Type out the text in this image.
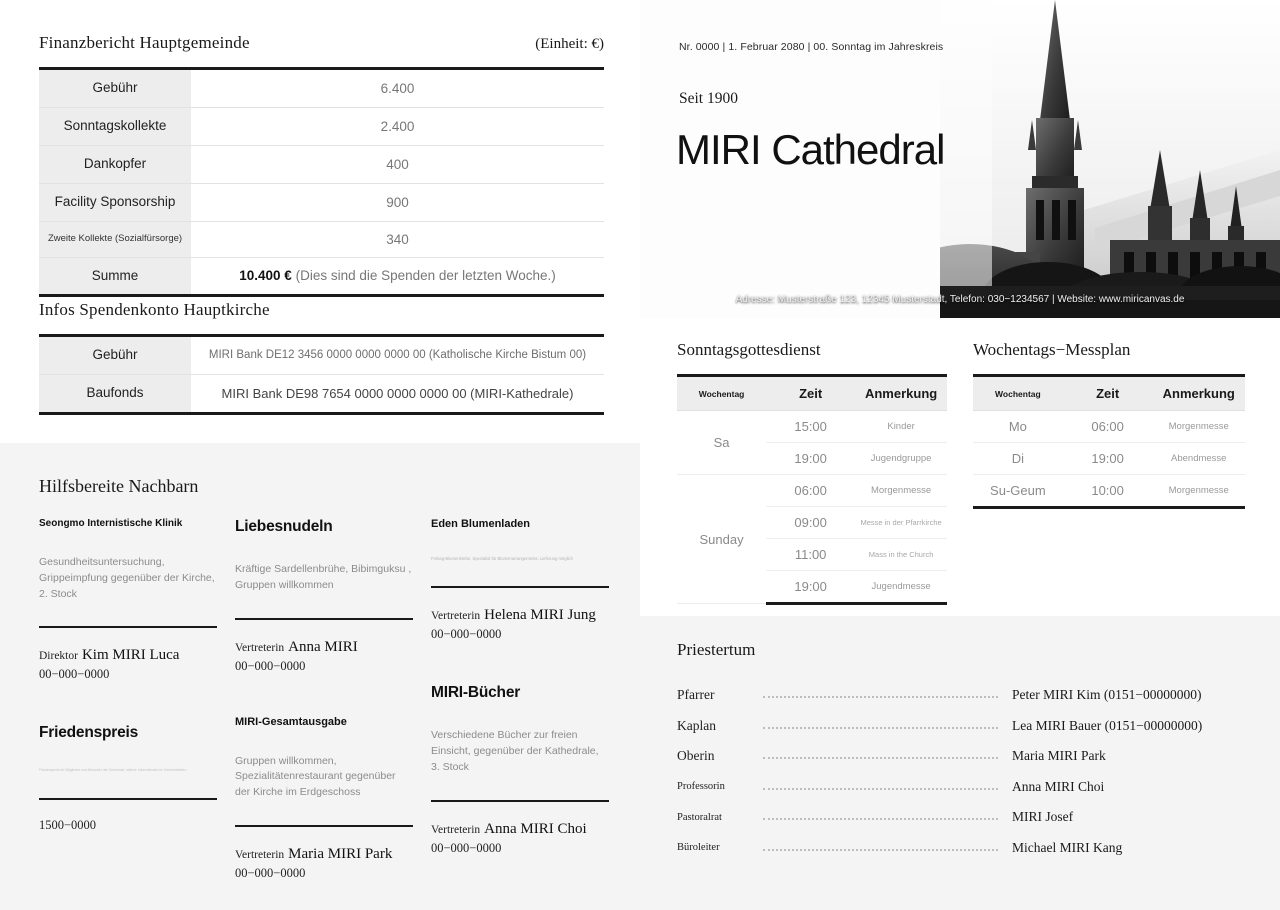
Finanzbericht Hauptgemeinde	(Einheit: €)
Gebühr	6.400
Sonntagskollekte	2.400
Dankopfer	400
Facility Sponsorship	900
Zweite Kollekte (Sozialfürsorge)	340
Summe	10.400 € (Dies sind die Spenden der letzten Woche.)
Infos Spendenkonto Hauptkirche
Gebühr	MIRI Bank DE12 3456 0000 0000 0000 00 (Katholische Kirche Bistum 00)
Baufonds	MIRI Bank DE98 7654 0000 0000 0000 00 (MIRI-Kathedrale)
Hilfsbereite Nachbarn
Seongmo Internistische Klinik
Gesundheitsuntersuchung, Grippeimpfung gegenüber der Kirche, 2. Stock
Direktor Kim MIRI Luca
00−000−0000
Friedenspreis
Friedenspreis für Mitglieder und Besucher der Gemeinde, nähere Informationen im Gemeindebüro
1500−0000
Liebesnudeln
Kräftige Sardellenbrühe, Bibimguksu , Gruppen willkommen
Vertreterin Anna MIRI
00−000−0000
MIRI-Gesamtausgabe
Gruppen willkommen, Spezialitätenrestaurant gegenüber der Kirche im Erdgeschoss
Vertreterin Maria MIRI Park
00−000−0000
Eden Blumenladen
Freitag-Blumenkörbe, Spezialist für Blumenarrangements, Lieferung möglich
Vertreterin Helena MIRI Jung
00−000−0000
MIRI-Bücher
Verschiedene Bücher zur freien Einsicht, gegenüber der Kathedrale, 3. Stock
Vertreterin Anna MIRI Choi
00−000−0000
Nr. 0000 | 1. Februar 2080 | 00. Sonntag im Jahreskreis
Seit 1900
MIRI Cathedral
Adresse: Musterstraße 123, 12345 Musterstadt, Telefon: 030−1234567 | Website: www.miricanvas.de
Sonntagsgottesdienst
Wochentag	Zeit	Anmerkung
Sa	15:00	Kinder
	19:00	Jugendgruppe
Sunday	06:00	Morgenmesse
	09:00	Messe in der Pfarrkirche
	11:00	Mass in the Church
	19:00	Jugendmesse
Wochentags−Messplan
Wochentag	Zeit	Anmerkung
Mo	06:00	Morgenmesse
Di	19:00	Abendmesse
Su-Geum	10:00	Morgenmesse
Priestertum
Pfarrer	Peter MIRI Kim (0151−00000000)
Kaplan	Lea MIRI Bauer (0151−00000000)
Oberin	Maria MIRI Park
Professorin	Anna MIRI Choi
Pastoralrat	MIRI Josef
Büroleiter	Michael MIRI Kang
